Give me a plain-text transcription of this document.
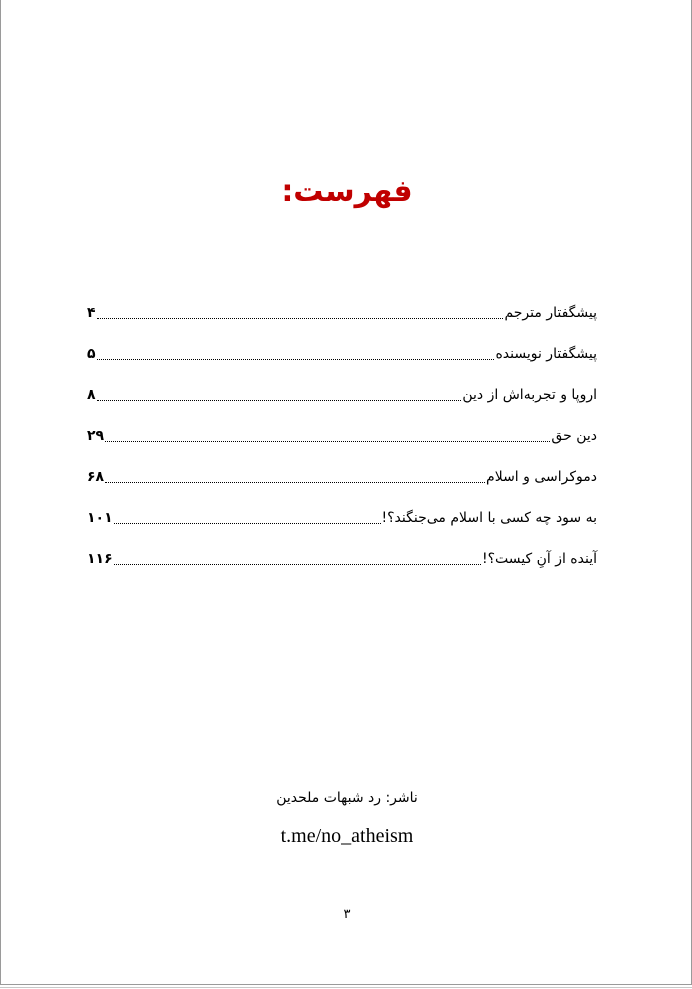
فهرست:
پیشگفتار مترجم
۴
پیشگفتار نویسنده
۵
اروپا و تجربه‌اش از دین
۸
دین حق
۲۹
دموکراسی و اسلام
۶۸
به سود چه کسی با اسلام می‌جنگند؟!
۱۰۱
آینده از آنِ کیست؟!
۱۱۶
ناشر: رد شبهات ملحدین
t.me/no_atheism
۳
